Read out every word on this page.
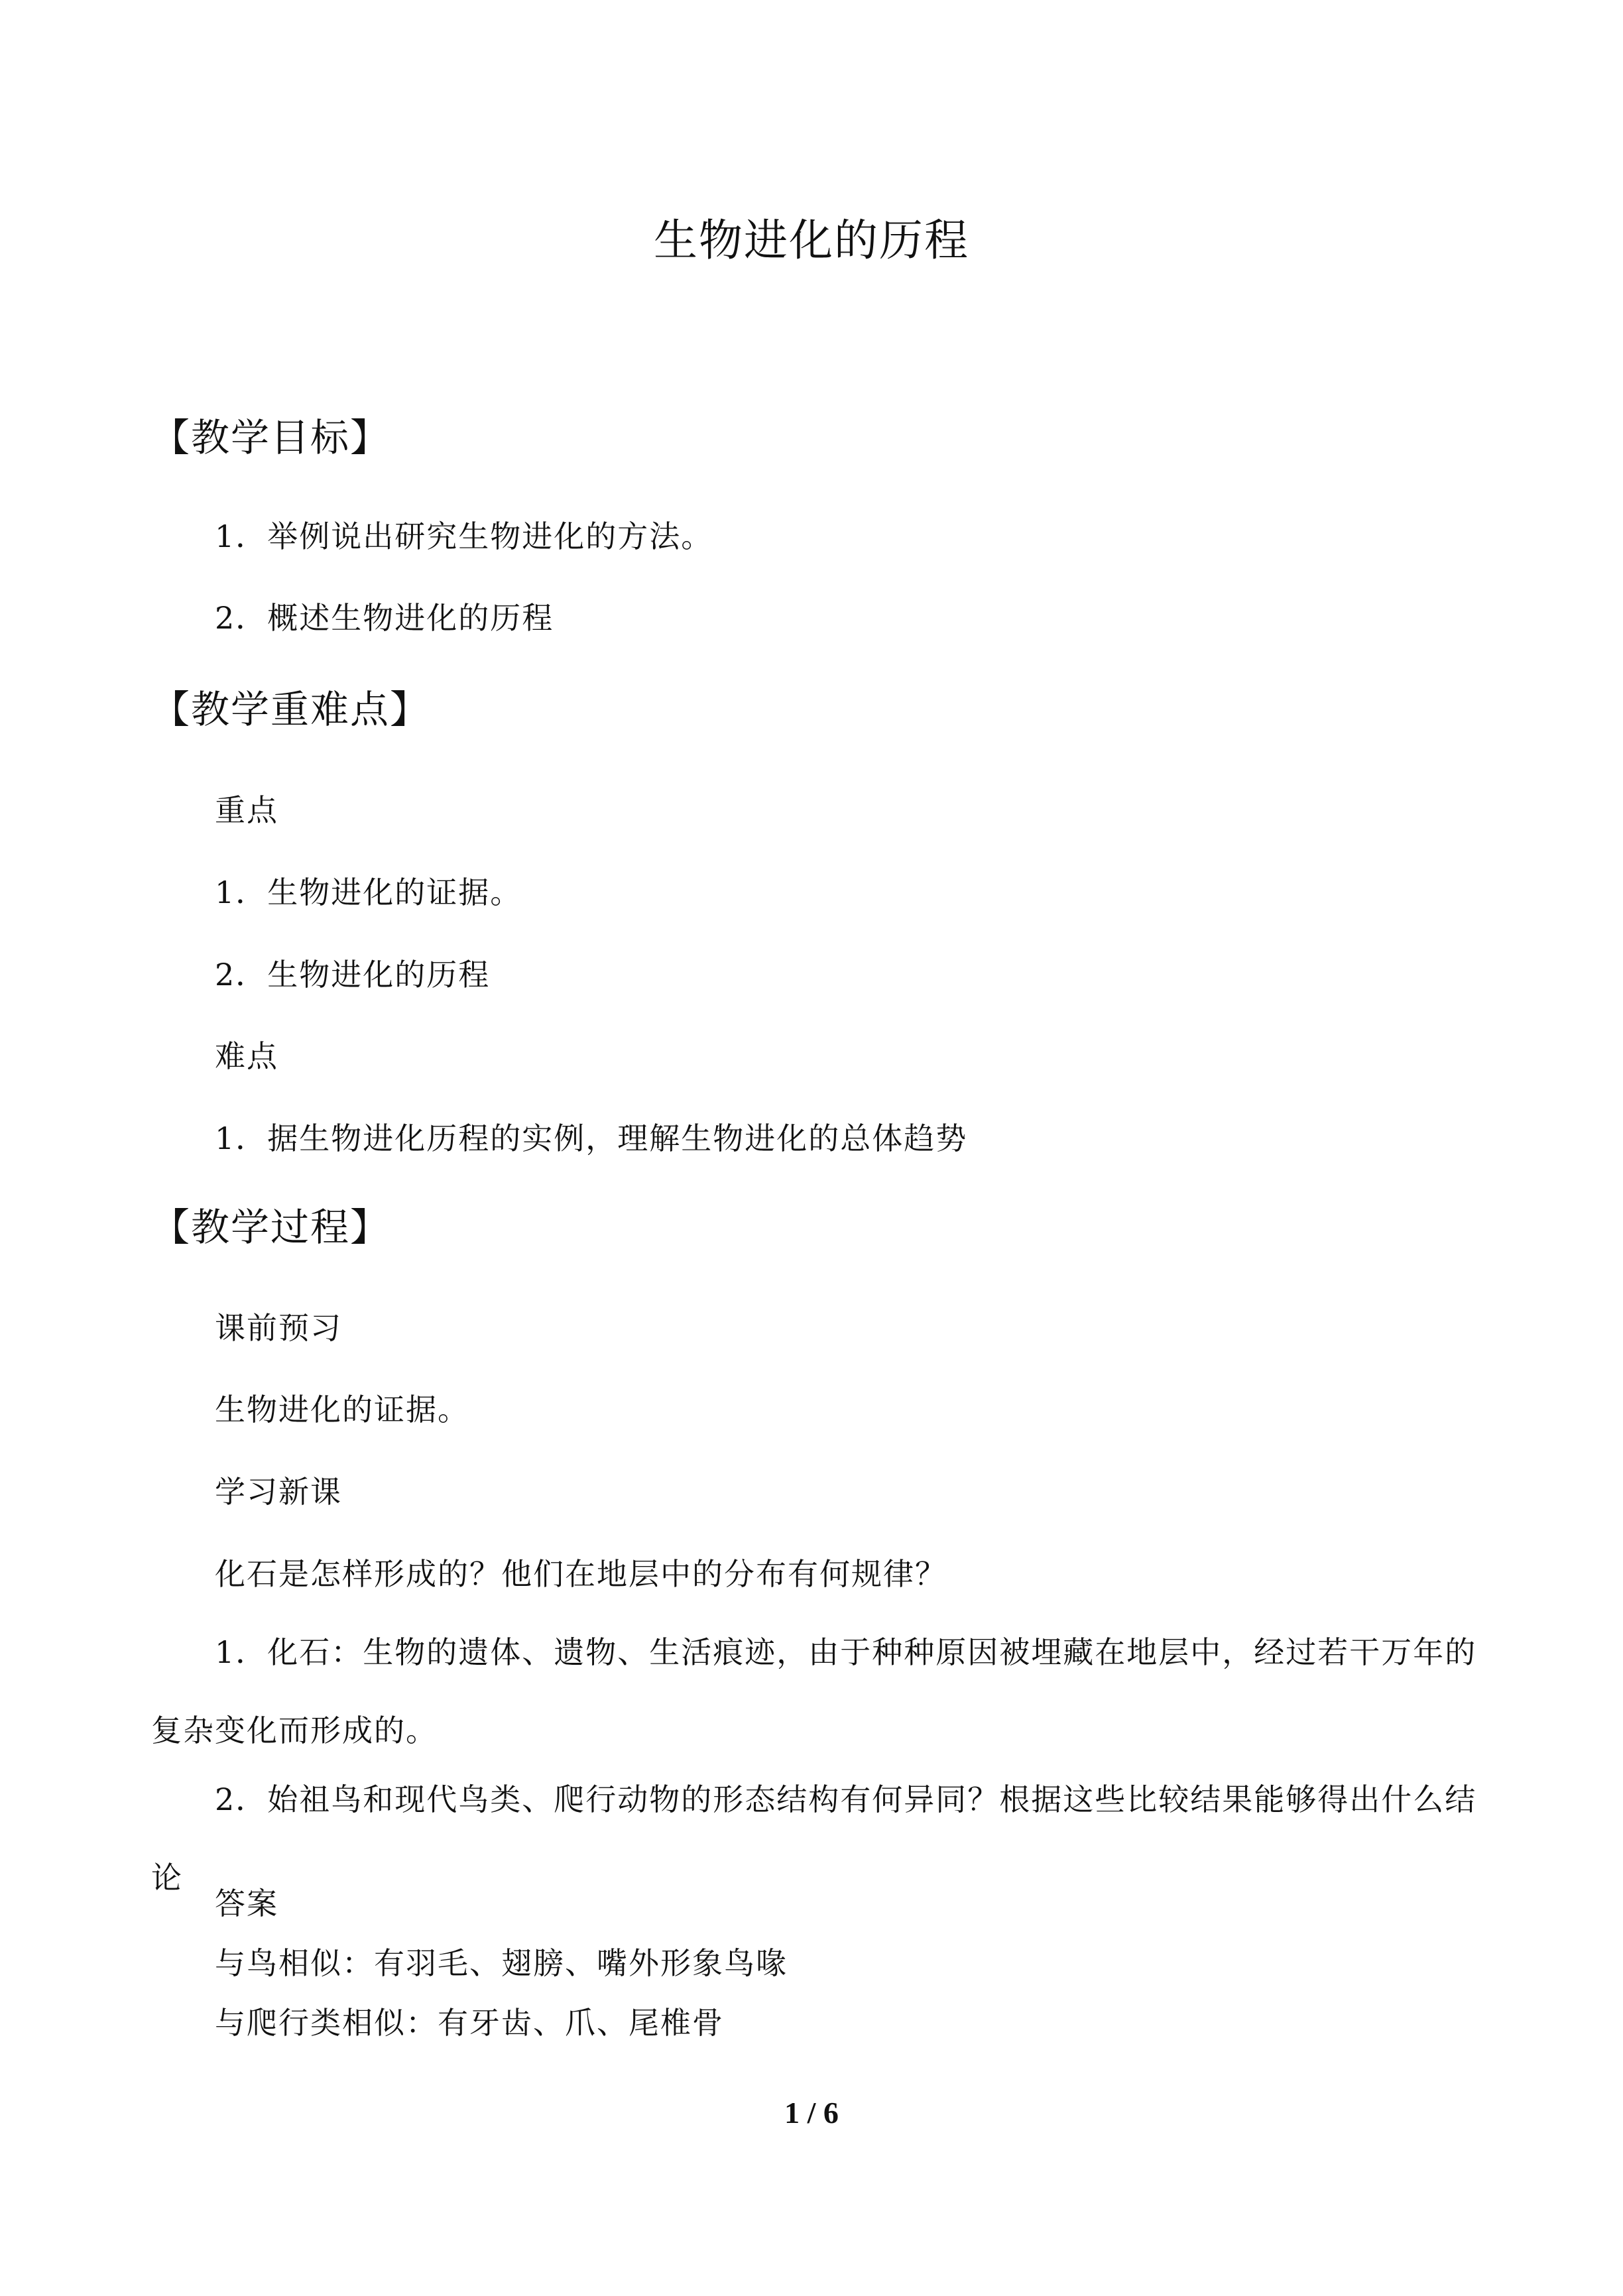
生物进化的历程
【教学目标】
1．举例说出研究生物进化的方法。
2．概述生物进化的历程
【教学重难点】
重点
1．生物进化的证据。
2．生物进化的历程
难点
1．据生物进化历程的实例，理解生物进化的总体趋势
【教学过程】
课前预习
生物进化的证据。
学习新课
化石是怎样形成的？他们在地层中的分布有何规律？
1．化石：生物的遗体、遗物、生活痕迹，由于种种原因被埋藏在地层中，经过若干万年的复杂变化而形成的。
2．始祖鸟和现代鸟类、爬行动物的形态结构有何异同？根据这些比较结果能够得出什么结论
答案
与鸟相似：有羽毛、翅膀、嘴外形象鸟喙
与爬行类相似：有牙齿、爪、尾椎骨
1 / 6
